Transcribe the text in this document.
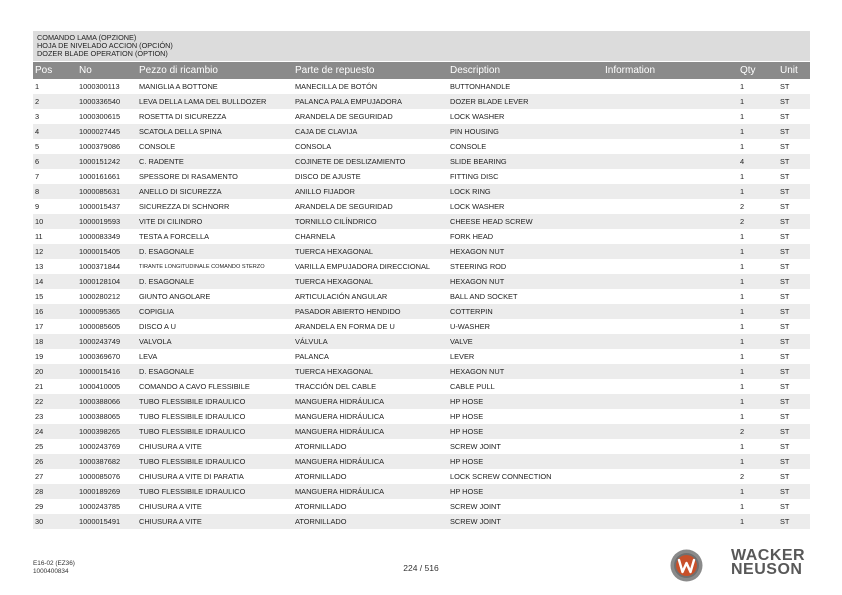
COMANDO LAMA (OPZIONE)
HOJA DE NIVELADO ACCION (OPCIÓN)
DOZER BLADE OPERATION (OPTION)
Pos	No	Pezzo di ricambio	Parte de repuesto	Description	Information	Qty	Unit
1	1000300113	MANIGLIA A BOTTONE	MANECILLA DE BOTÓN	BUTTONHANDLE		1	ST
2	1000336540	LEVA DELLA LAMA DEL BULLDOZER	PALANCA PALA EMPUJADORA	DOZER BLADE LEVER		1	ST
3	1000300615	ROSETTA DI SICUREZZA	ARANDELA DE SEGURIDAD	LOCK WASHER		1	ST
4	1000027445	SCATOLA DELLA SPINA	CAJA DE CLAVIJA	PIN HOUSING		1	ST
5	1000379086	CONSOLE	CONSOLA	CONSOLE		1	ST
6	1000151242	C. RADENTE	COJINETE DE DESLIZAMIENTO	SLIDE BEARING		4	ST
7	1000161661	SPESSORE DI RASAMENTO	DISCO DE AJUSTE	FITTING DISC		1	ST
8	1000085631	ANELLO DI SICUREZZA	ANILLO FIJADOR	LOCK RING		1	ST
9	1000015437	SICUREZZA DI SCHNORR	ARANDELA DE SEGURIDAD	LOCK WASHER		2	ST
10	1000019593	VITE DI CILINDRO	TORNILLO CILÍNDRICO	CHEESE HEAD SCREW		2	ST
11	1000083349	TESTA A FORCELLA	CHARNELA	FORK HEAD		1	ST
12	1000015405	D. ESAGONALE	TUERCA HEXAGONAL	HEXAGON NUT		1	ST
13	1000371844	TIRANTE LONGITUDINALE COMANDO STERZO	VARILLA EMPUJADORA DIRECCIONAL	STEERING ROD		1	ST
14	1000128104	D. ESAGONALE	TUERCA HEXAGONAL	HEXAGON NUT		1	ST
15	1000280212	GIUNTO ANGOLARE	ARTICULACIÓN ANGULAR	BALL AND SOCKET		1	ST
16	1000095365	COPIGLIA	PASADOR ABIERTO HENDIDO	COTTERPIN		1	ST
17	1000085605	DISCO A U	ARANDELA EN FORMA DE U	U-WASHER		1	ST
18	1000243749	VALVOLA	VÁLVULA	VALVE		1	ST
19	1000369670	LEVA	PALANCA	LEVER		1	ST
20	1000015416	D. ESAGONALE	TUERCA HEXAGONAL	HEXAGON NUT		1	ST
21	1000410005	COMANDO A CAVO FLESSIBILE	TRACCIÓN DEL CABLE	CABLE PULL		1	ST
22	1000388066	TUBO FLESSIBILE IDRAULICO	MANGUERA HIDRÁULICA	HP HOSE		1	ST
23	1000388065	TUBO FLESSIBILE IDRAULICO	MANGUERA HIDRÁULICA	HP HOSE		1	ST
24	1000398265	TUBO FLESSIBILE IDRAULICO	MANGUERA HIDRÁULICA	HP HOSE		2	ST
25	1000243769	CHIUSURA A VITE	ATORNILLADO	SCREW JOINT		1	ST
26	1000387682	TUBO FLESSIBILE IDRAULICO	MANGUERA HIDRÁULICA	HP HOSE		1	ST
27	1000085076	CHIUSURA A VITE DI PARATIA	ATORNILLADO	LOCK SCREW CONNECTION		2	ST
28	1000189269	TUBO FLESSIBILE IDRAULICO	MANGUERA HIDRÁULICA	HP HOSE		1	ST
29	1000243785	CHIUSURA A VITE	ATORNILLADO	SCREW JOINT		1	ST
30	1000015491	CHIUSURA A VITE	ATORNILLADO	SCREW JOINT		1	ST
E16-02 (EZ36)
1000400834	224 / 516
WACKER
NEUSON
